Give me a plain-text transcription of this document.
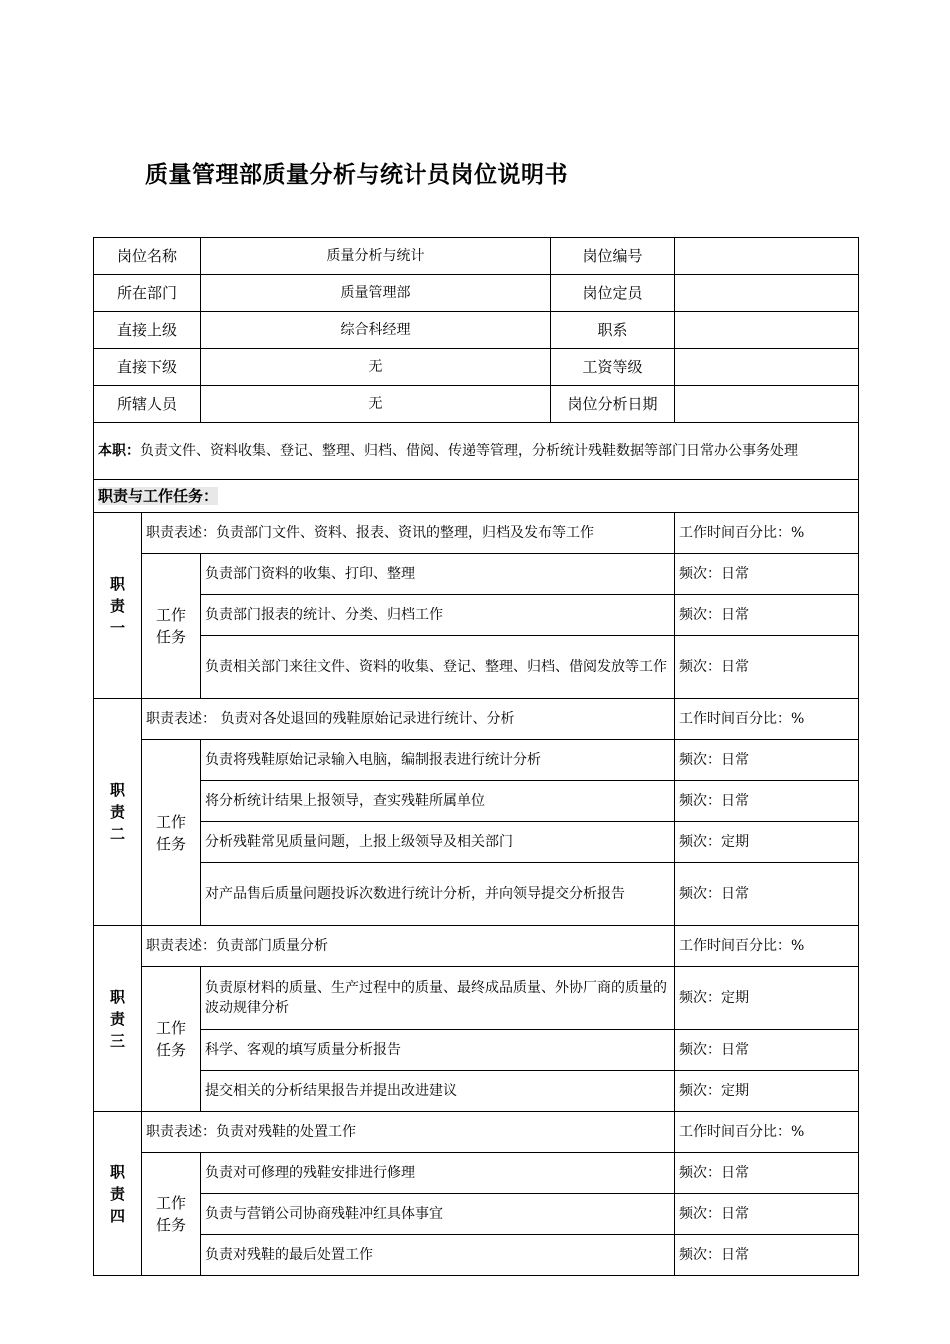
质量管理部质量分析与统计员岗位说明书
岗位名称		质量分析与统计	岗位编号	
所在部门		质量管理部	岗位定员	
直接上级		综合科经理	职系	
直接下级		无	工资等级	
所辖人员		无	岗位分析日期	
本职：负责文件、资料收集、登记、整理、归档、借阅、传递等管理，分析统计残鞋数据等部门日常办公事务处理				
职责与工作任务：				

职
责
一	职责表述：负责部门文件、资料、报表、资讯的整理，归档及发布等工作			工作时间百分比：%
	工作任务	负责部门资料的收集、打印、整理		频次：日常
		负责部门报表的统计、分类、归档工作		频次：日常
		负责相关部门来往文件、资料的收集、登记、整理、归档、借阅发放等工作		频次：日常

职
责
二	职责表述： 负责对各处退回的残鞋原始记录进行统计、分析			工作时间百分比：%
	工作任务	负责将残鞋原始记录输入电脑，编制报表进行统计分析		频次：日常
		将分析统计结果上报领导，查实残鞋所属单位		频次：日常
		分析残鞋常见质量问题，上报上级领导及相关部门		频次：定期
		对产品售后质量问题投诉次数进行统计分析，并向领导提交分析报告		频次：日常

职
责
三	职责表述：负责部门质量分析			工作时间百分比：%
	工作任务	负责原材料的质量、生产过程中的质量、最终成品质量、外协厂商的质量的波动规律分析		频次：定期
		科学、客观的填写质量分析报告		频次：日常
		提交相关的分析结果报告并提出改进建议		频次：定期

职
责
四	职责表述：负责对残鞋的处置工作			工作时间百分比：%
	工作任务	负责对可修理的残鞋安排进行修理		频次：日常
		负责与营销公司协商残鞋冲红具体事宜		频次：日常
		负责对残鞋的最后处置工作		频次：日常
